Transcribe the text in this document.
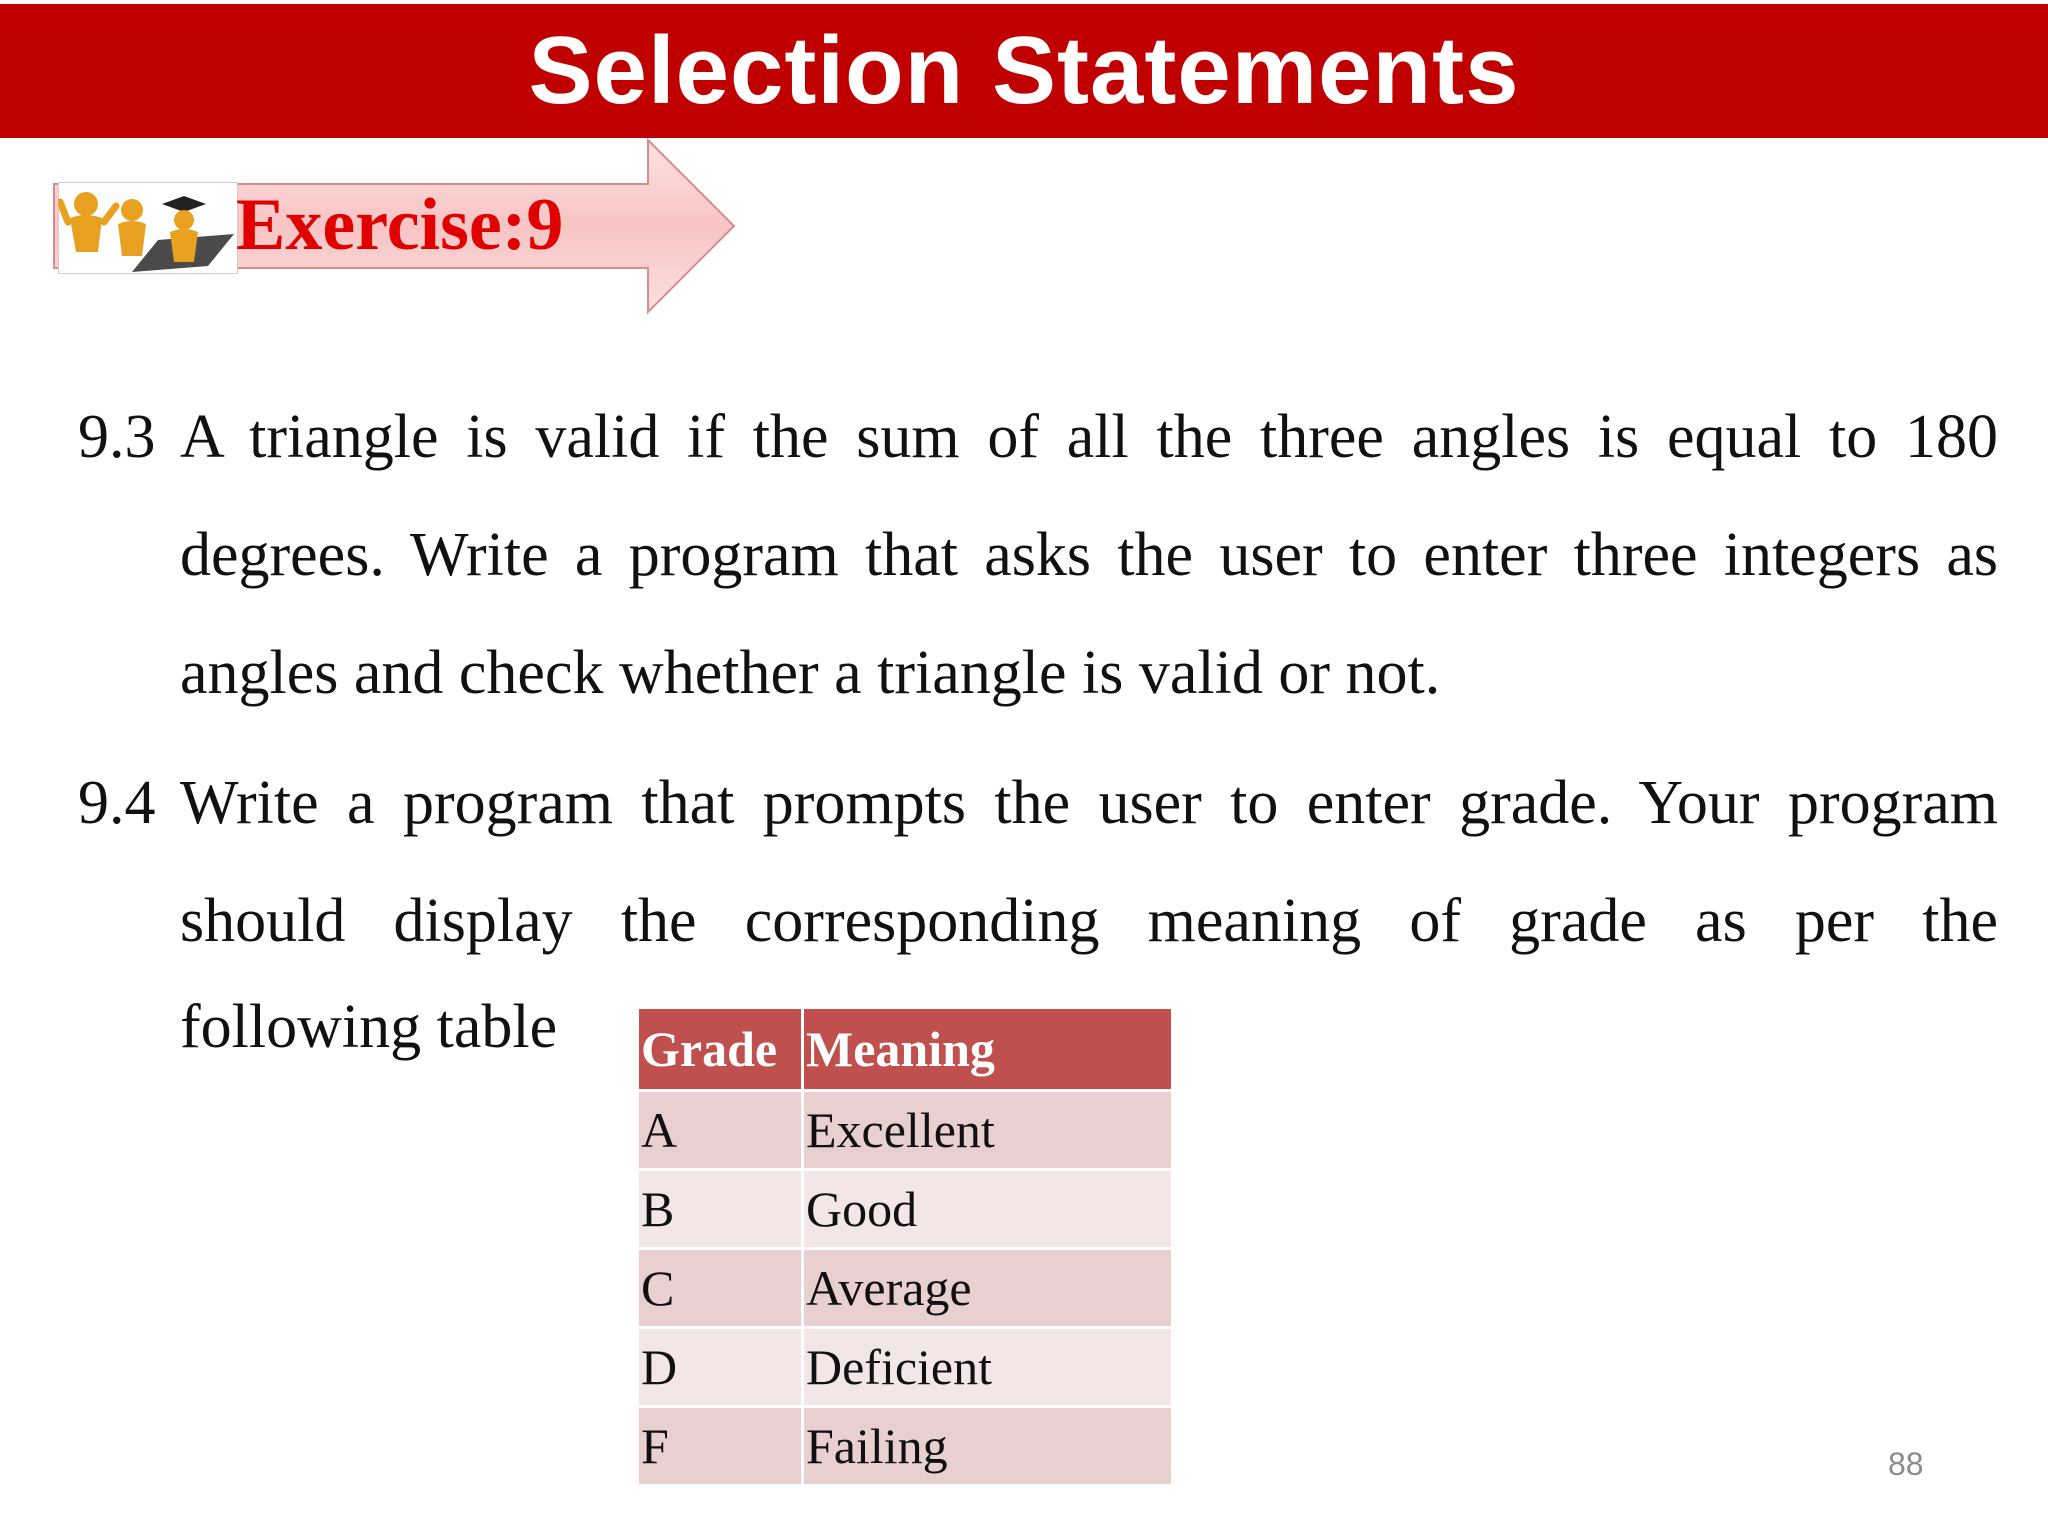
Selection Statements
Exercise:9
9.3 A triangle is valid if the sum of all the three angles is equal to 180
degrees. Write a program that asks the user to enter three integers as
angles and check whether a triangle is valid or not.
9.4 Write a program that prompts the user to enter grade. Your program
should display the corresponding meaning of grade as per the
following table Grade	Meaning
A	Excellent
B	Good
C	Average
D	Deficient
F	Failing	88
